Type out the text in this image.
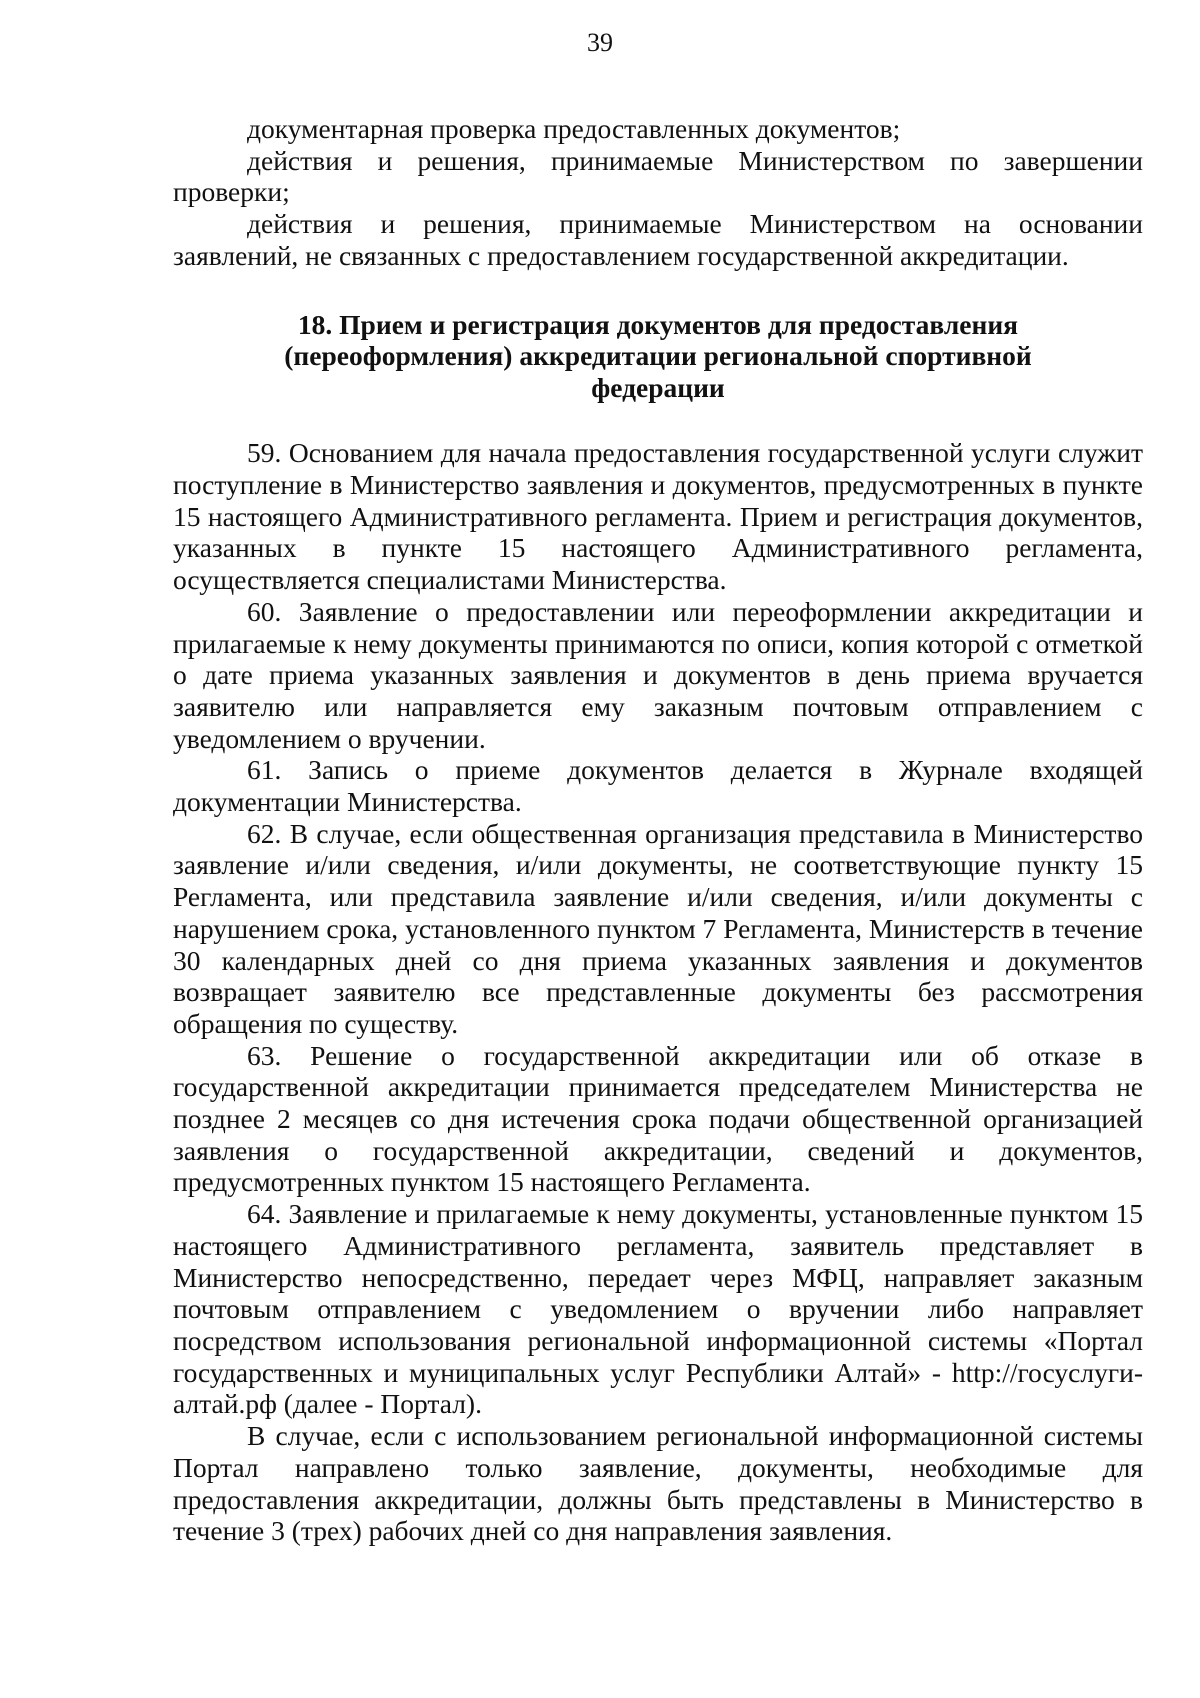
39

документарная проверка предоставленных документов;

действия и решения, принимаемые Министерством по завершении проверки;

действия и решения, принимаемые Министерством на основании заявлений, не связанных с предоставлением государственной аккредитации.

18. Прием и регистрация документов для предоставления
(переоформления) аккредитации региональной спортивной
федерации

59. Основанием для начала предоставления государственной услуги служит поступление в Министерство заявления и документов, предусмотренных в пункте 15 настоящего Административного регламента. Прием и регистрация документов, указанных в пункте 15 настоящего Административного регламента, осуществляется специалистами Министерства.

60. Заявление о предоставлении или переоформлении аккредитации и прилагаемые к нему документы принимаются по описи, копия которой с отметкой о дате приема указанных заявления и документов в день приема вручается заявителю или направляется ему заказным почтовым отправлением с уведомлением о вручении.

61. Запись о приеме документов делается в Журнале входящей документации Министерства.

62. В случае, если общественная организация представила в Министерство заявление и/или сведения, и/или документы, не соответствующие пункту 15 Регламента, или представила заявление и/или сведения, и/или документы с нарушением срока, установленного пунктом 7 Регламента, Министерств в течение 30 календарных дней со дня приема указанных заявления и документов возвращает заявителю все представленные документы без рассмотрения обращения по существу.

63. Решение о государственной аккредитации или об отказе в государственной аккредитации принимается председателем Министерства не позднее 2 месяцев со дня истечения срока подачи общественной организацией заявления о государственной аккредитации, сведений и документов, предусмотренных пунктом 15 настоящего Регламента.

64. Заявление и прилагаемые к нему документы, установленные пунктом 15 настоящего Административного регламента, заявитель представляет в Министерство непосредственно, передает через МФЦ, направляет заказным почтовым отправлением с уведомлением о вручении либо направляет посредством использования региональной информационной системы «Портал государственных и муниципальных услуг Республики Алтай» - http://госуслуги-алтай.рф (далее - Портал).

В случае, если с использованием региональной информационной системы Портал направлено только заявление, документы, необходимые для предоставления аккредитации, должны быть представлены в Министерство в течение 3 (трех) рабочих дней со дня направления заявления.
